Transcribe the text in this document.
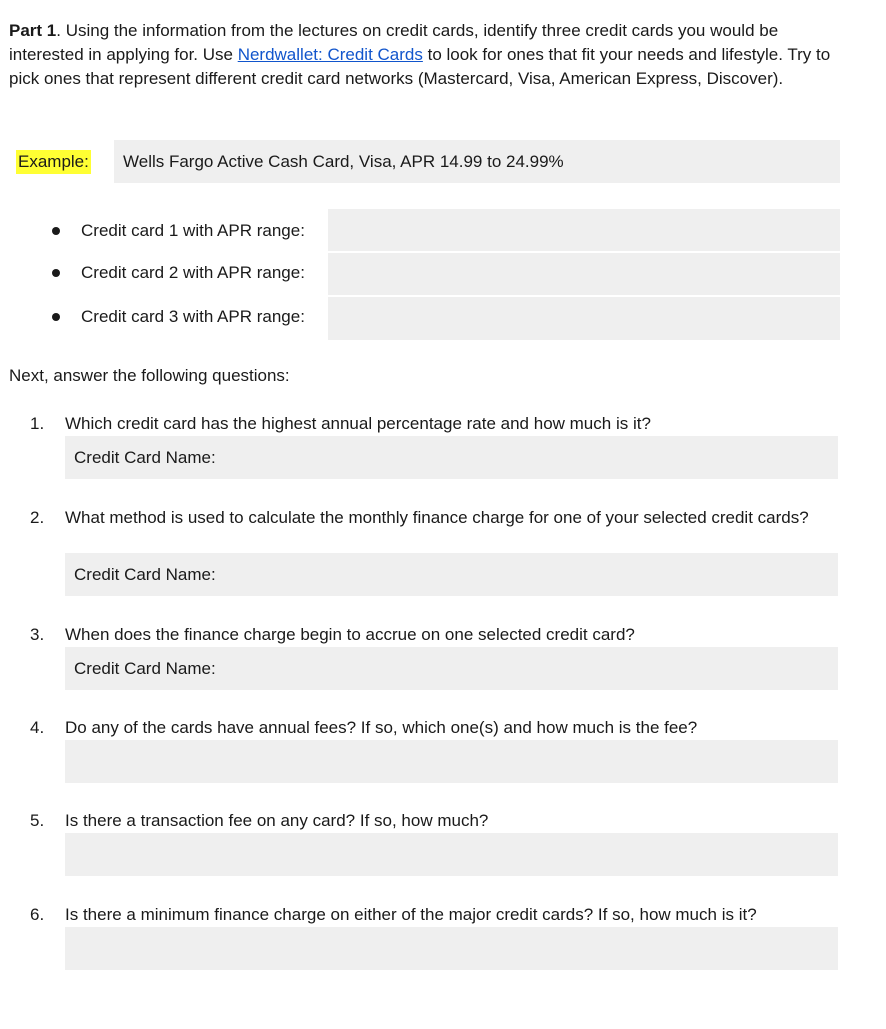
Part 1. Using the information from the lectures on credit cards, identify three credit cards you would be interested in applying for. Use Nerdwallet: Credit Cards to look for ones that fit your needs and lifestyle. Try to pick ones that represent different credit card networks (Mastercard, Visa, American Express, Discover).
Example: Wells Fargo Active Cash Card, Visa, APR 14.99 to 24.99%
Credit card 1 with APR range:
Credit card 2 with APR range:
Credit card 3 with APR range:
Next, answer the following questions:
1. Which credit card has the highest annual percentage rate and how much is it?
Credit Card Name:
2. What method is used to calculate the monthly finance charge for one of your selected credit cards?
Credit Card Name:
3. When does the finance charge begin to accrue on one selected credit card?
Credit Card Name:
4. Do any of the cards have annual fees? If so, which one(s) and how much is the fee?
5. Is there a transaction fee on any card? If so, how much?
6. Is there a minimum finance charge on either of the major credit cards? If so, how much is it?
